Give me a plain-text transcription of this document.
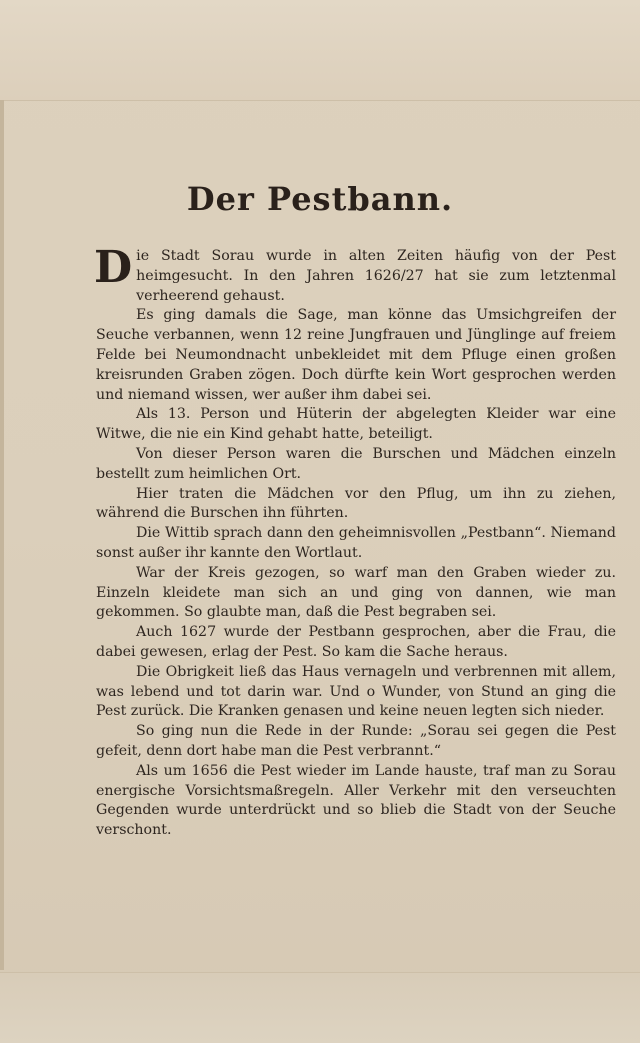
Der Pestbann.

Die Stadt Sorau wurde in alten Zeiten häufig von der Pest heimgesucht. In den Jahren 1626/27 hat sie zum letztenmal verheerend gehaust.

Es ging damals die Sage, man könne das Umsichgreifen der Seuche verbannen, wenn 12 reine Jungfrauen und Jünglinge auf freiem Felde bei Neumondnacht unbekleidet mit dem Pfluge einen großen kreisrunden Graben zögen. Doch dürfte kein Wort gesprochen werden und niemand wissen, wer außer ihm dabei sei.

Als 13. Person und Hüterin der abgelegten Kleider war eine Witwe, die nie ein Kind gehabt hatte, beteiligt.

Von dieser Person waren die Burschen und Mädchen einzeln bestellt zum heimlichen Ort.

Hier traten die Mädchen vor den Pflug, um ihn zu ziehen, während die Burschen ihn führten.

Die Wittib sprach dann den geheimnisvollen „Pestbann“. Niemand sonst außer ihr kannte den Wortlaut.

War der Kreis gezogen, so warf man den Graben wieder zu. Einzeln kleidete man sich an und ging von dannen, wie man gekommen. So glaubte man, daß die Pest begraben sei.

Auch 1627 wurde der Pestbann gesprochen, aber die Frau, die dabei gewesen, erlag der Pest. So kam die Sache heraus.

Die Obrigkeit ließ das Haus vernageln und verbrennen mit allem, was lebend und tot darin war. Und o Wunder, von Stund an ging die Pest zurück. Die Kranken genasen und keine neuen legten sich nieder.

So ging nun die Rede in der Runde: „Sorau sei gegen die Pest gefeit, denn dort habe man die Pest verbrannt.“

Als um 1656 die Pest wieder im Lande hauste, traf man zu Sorau energische Vorsichtsmaßregeln. Aller Verkehr mit den verseuchten Gegenden wurde unterdrückt und so blieb die Stadt von der Seuche verschont.
